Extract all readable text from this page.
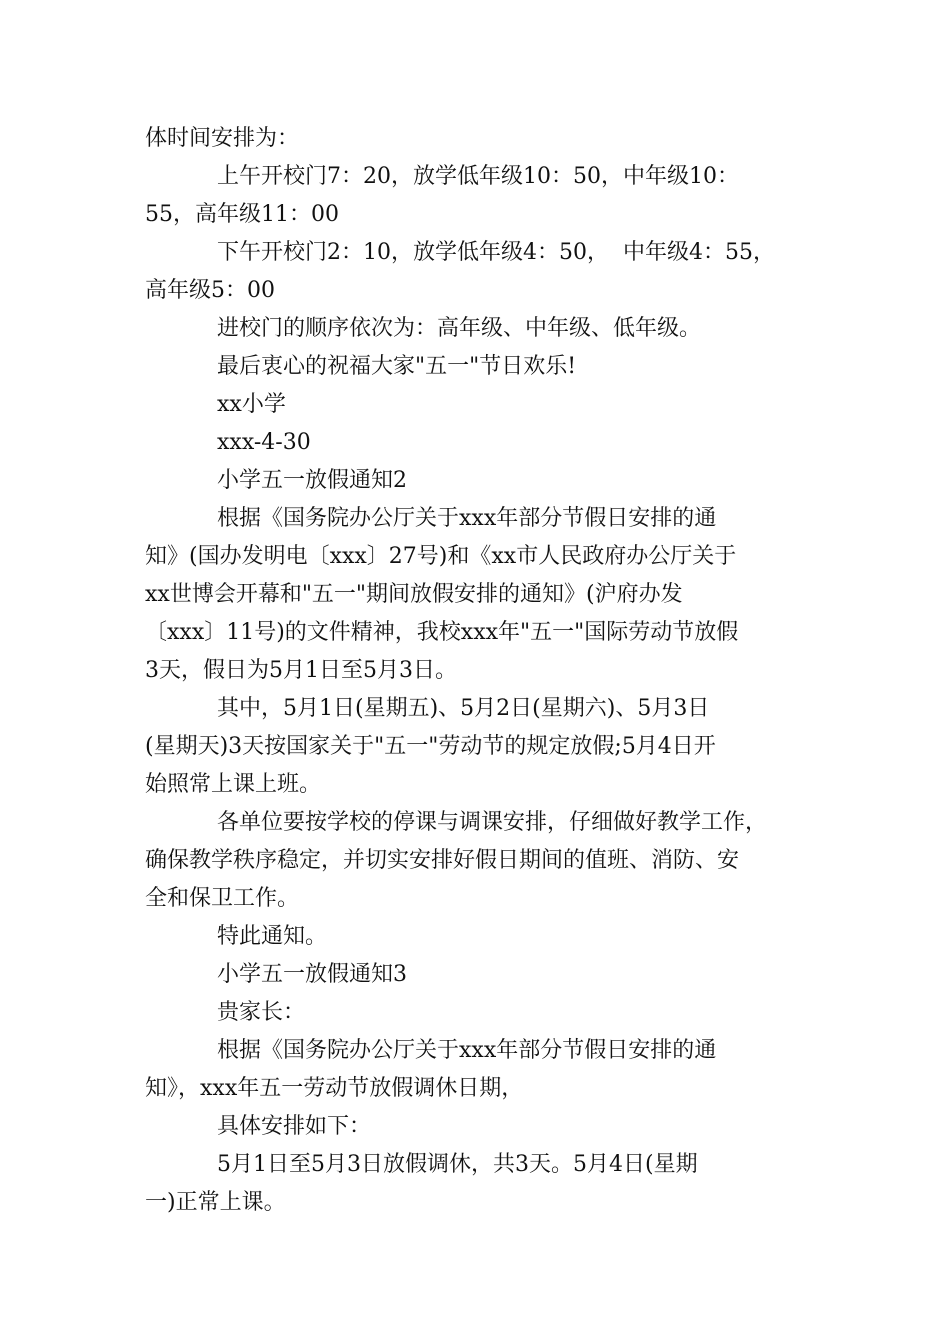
体时间安排为：
上午开校门7：20，放学低年级10：50，中年级10：
55，高年级11：00
下午开校门2：10，放学低年级4：50，  中年级4：55，
高年级5：00
进校门的顺序依次为：高年级、中年级、低年级。
最后衷心的祝福大家"五一"节日欢乐!
xx小学
xxx-4-30
小学五一放假通知2
根据《国务院办公厅关于xxx年部分节假日安排的通
知》(国办发明电〔xxx〕27号)和《xx市人民政府办公厅关于
xx世博会开幕和"五一"期间放假安排的通知》(沪府办发
〔xxx〕11号)的文件精神，我校xxx年"五一"国际劳动节放假
3天，假日为5月1日至5月3日。
其中，5月1日(星期五)、5月2日(星期六)、5月3日
(星期天)3天按国家关于"五一"劳动节的规定放假;5月4日开
始照常上课上班。
各单位要按学校的停课与调课安排，仔细做好教学工作，
确保教学秩序稳定，并切实安排好假日期间的值班、消防、安
全和保卫工作。
特此通知。
小学五一放假通知3
贵家长：
根据《国务院办公厅关于xxx年部分节假日安排的通
知》，xxx年五一劳动节放假调休日期，
具体安排如下：
5月1日至5月3日放假调休，共3天。5月4日(星期
一)正常上课。
